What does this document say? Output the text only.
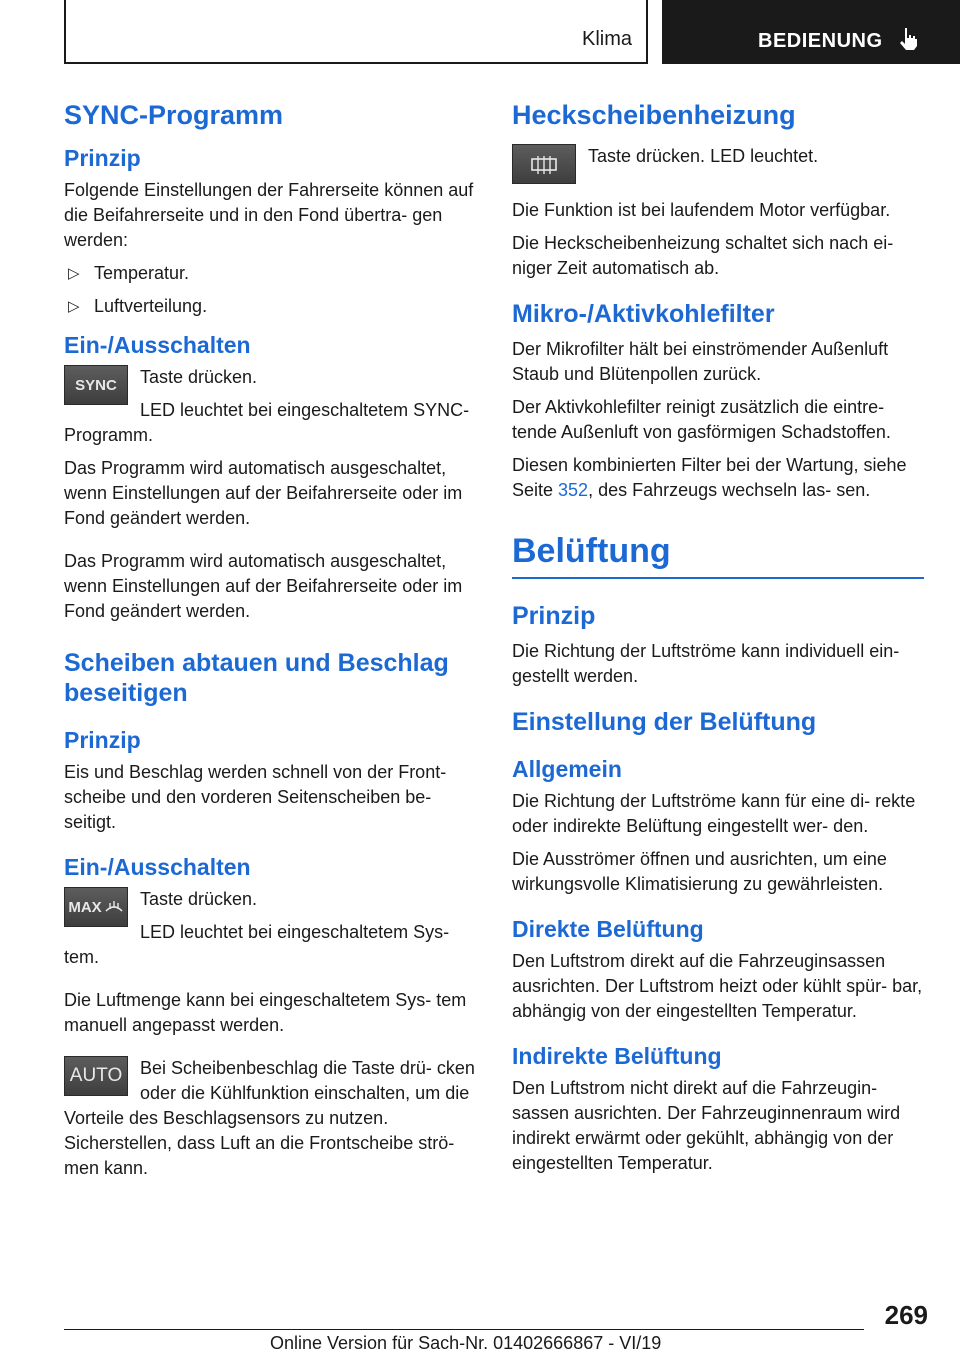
Klima	BEDIENUNG
SYNC-Programm
Prinzip

Folgende Einstellungen der Fahrerseite können auf die Beifahrerseite und in den Fond übertra- gen werden:

▷ Temperatur.
▷ Luftverteilung.
Ein-/Ausschalten
SYNC	Taste drücken.

LED leuchtet bei eingeschaltetem SYNC-Programm.

Das Programm wird automatisch ausgeschaltet, wenn Einstellungen auf der Beifahrerseite oder im Fond geändert werden.

Das Programm wird automatisch ausgeschaltet, wenn Einstellungen auf der Beifahrerseite oder im Fond geändert werden.

Scheiben abtauen und Beschlag beseitigen
Prinzip

Eis und Beschlag werden schnell von der Front- scheibe und den vorderen Seitenscheiben be- seitigt.

Ein-/Ausschalten
MAX	Taste drücken.

LED leuchtet bei eingeschaltetem Sys- tem.

Die Luftmenge kann bei eingeschaltetem Sys- tem manuell angepasst werden.

AUTO Bei Scheibenbeschlag die Taste drü- cken oder die Kühlfunktion einschalten, um die Vorteile des Beschlagsensors zu nutzen. Sicherstellen, dass Luft an die Frontscheibe strö- men kann.

Heckscheibenheizung

Taste drücken. LED leuchtet.

Die Funktion ist bei laufendem Motor verfügbar.

Die Heckscheibenheizung schaltet sich nach ei- niger Zeit automatisch ab.

Mikro-/Aktivkohlefilter

Der Mikrofilter hält bei einströmender Außenluft Staub und Blütenpollen zurück.

Der Aktivkohlefilter reinigt zusätzlich die eintre- tende Außenluft von gasförmigen Schadstoffen.

Diesen kombinierten Filter bei der Wartung, siehe Seite 352, des Fahrzeugs wechseln las- sen.

Belüftung
Prinzip

Die Richtung der Luftströme kann individuell ein- gestellt werden.

Einstellung der Belüftung
Allgemein

Die Richtung der Luftströme kann für eine di- rekte oder indirekte Belüftung eingestellt wer- den.

Die Ausströmer öffnen und ausrichten, um eine wirkungsvolle Klimatisierung zu gewährleisten.

Direkte Belüftung

Den Luftstrom direkt auf die Fahrzeuginsassen ausrichten. Der Luftstrom heizt oder kühlt spür- bar, abhängig von der eingestellten Temperatur.

Indirekte Belüftung

Den Luftstrom nicht direkt auf die Fahrzeugin- sassen ausrichten. Der Fahrzeuginnenraum wird indirekt erwärmt oder gekühlt, abhängig von der eingestellten Temperatur.

269
Online Version für Sach-Nr. 01402666867 - VI/19
